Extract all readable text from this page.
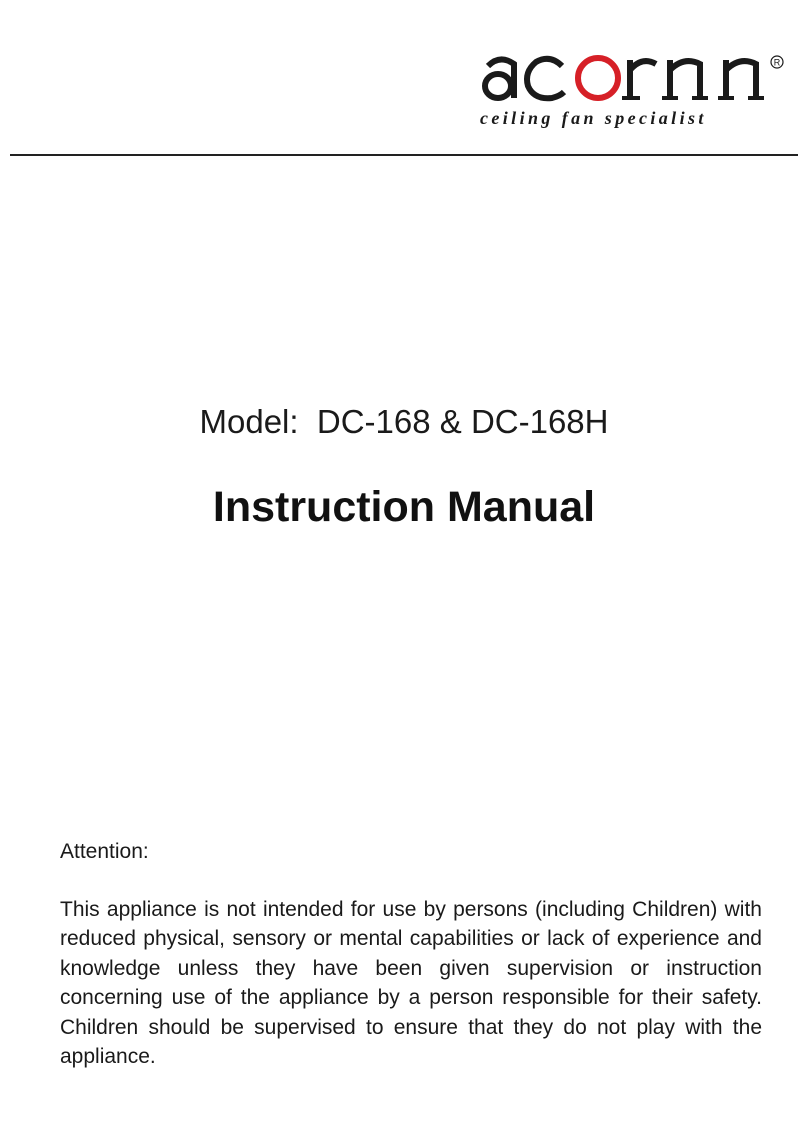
R
ceiling fan specialist
Model:  DC-168 & DC-168H
Instruction Manual
Attention:

This appliance is not intended for use by persons (including Children) with reduced physical, sensory or mental capabilities or lack of experience and knowledge unless they have been given supervision or instruction concerning use of the appliance by a person responsible for their safety. Children should be supervised to ensure that they do not play with the appliance.
